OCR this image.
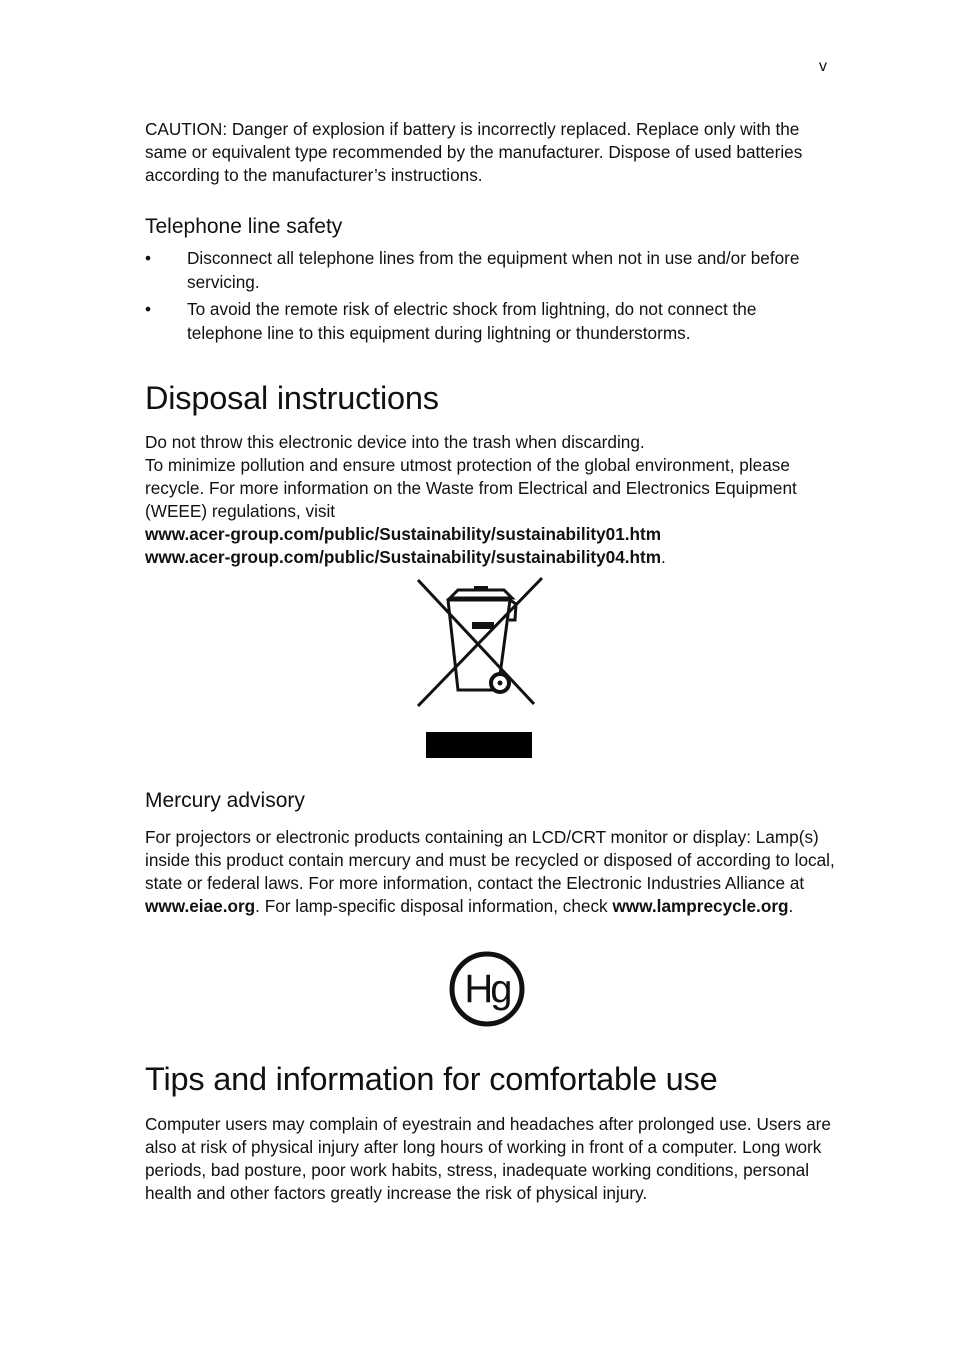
v

CAUTION: Danger of explosion if battery is incorrectly replaced. Replace only with the same or equivalent type recommended by the manufacturer. Dispose of used batteries according to the manufacturer’s instructions.

Telephone line safety
• Disconnect all telephone lines from the equipment when not in use and/or before servicing.
• To avoid the remote risk of electric shock from lightning, do not connect the telephone line to this equipment during lightning or thunderstorms.
Disposal instructions
Do not throw this electronic device into the trash when discarding.
To minimize pollution and ensure utmost protection of the global environment, please recycle. For more information on the Waste from Electrical and Electronics Equipment (WEEE) regulations, visit
www.acer-group.com/public/Sustainability/sustainability01.htm
www.acer-group.com/public/Sustainability/sustainability04.htm.
Mercury advisory

For projectors or electronic products containing an LCD/CRT monitor or display: Lamp(s) inside this product contain mercury and must be recycled or disposed of according to local, state or federal laws. For more information, contact the Electronic Industries Alliance at www.eiae.org. For lamp-specific disposal information, check www.lamprecycle.org.

Hg
Tips and information for comfortable use

Computer users may complain of eyestrain and headaches after prolonged use. Users are also at risk of physical injury after long hours of working in front of a computer. Long work periods, bad posture, poor work habits, stress, inadequate working conditions, personal health and other factors greatly increase the risk of physical injury.
